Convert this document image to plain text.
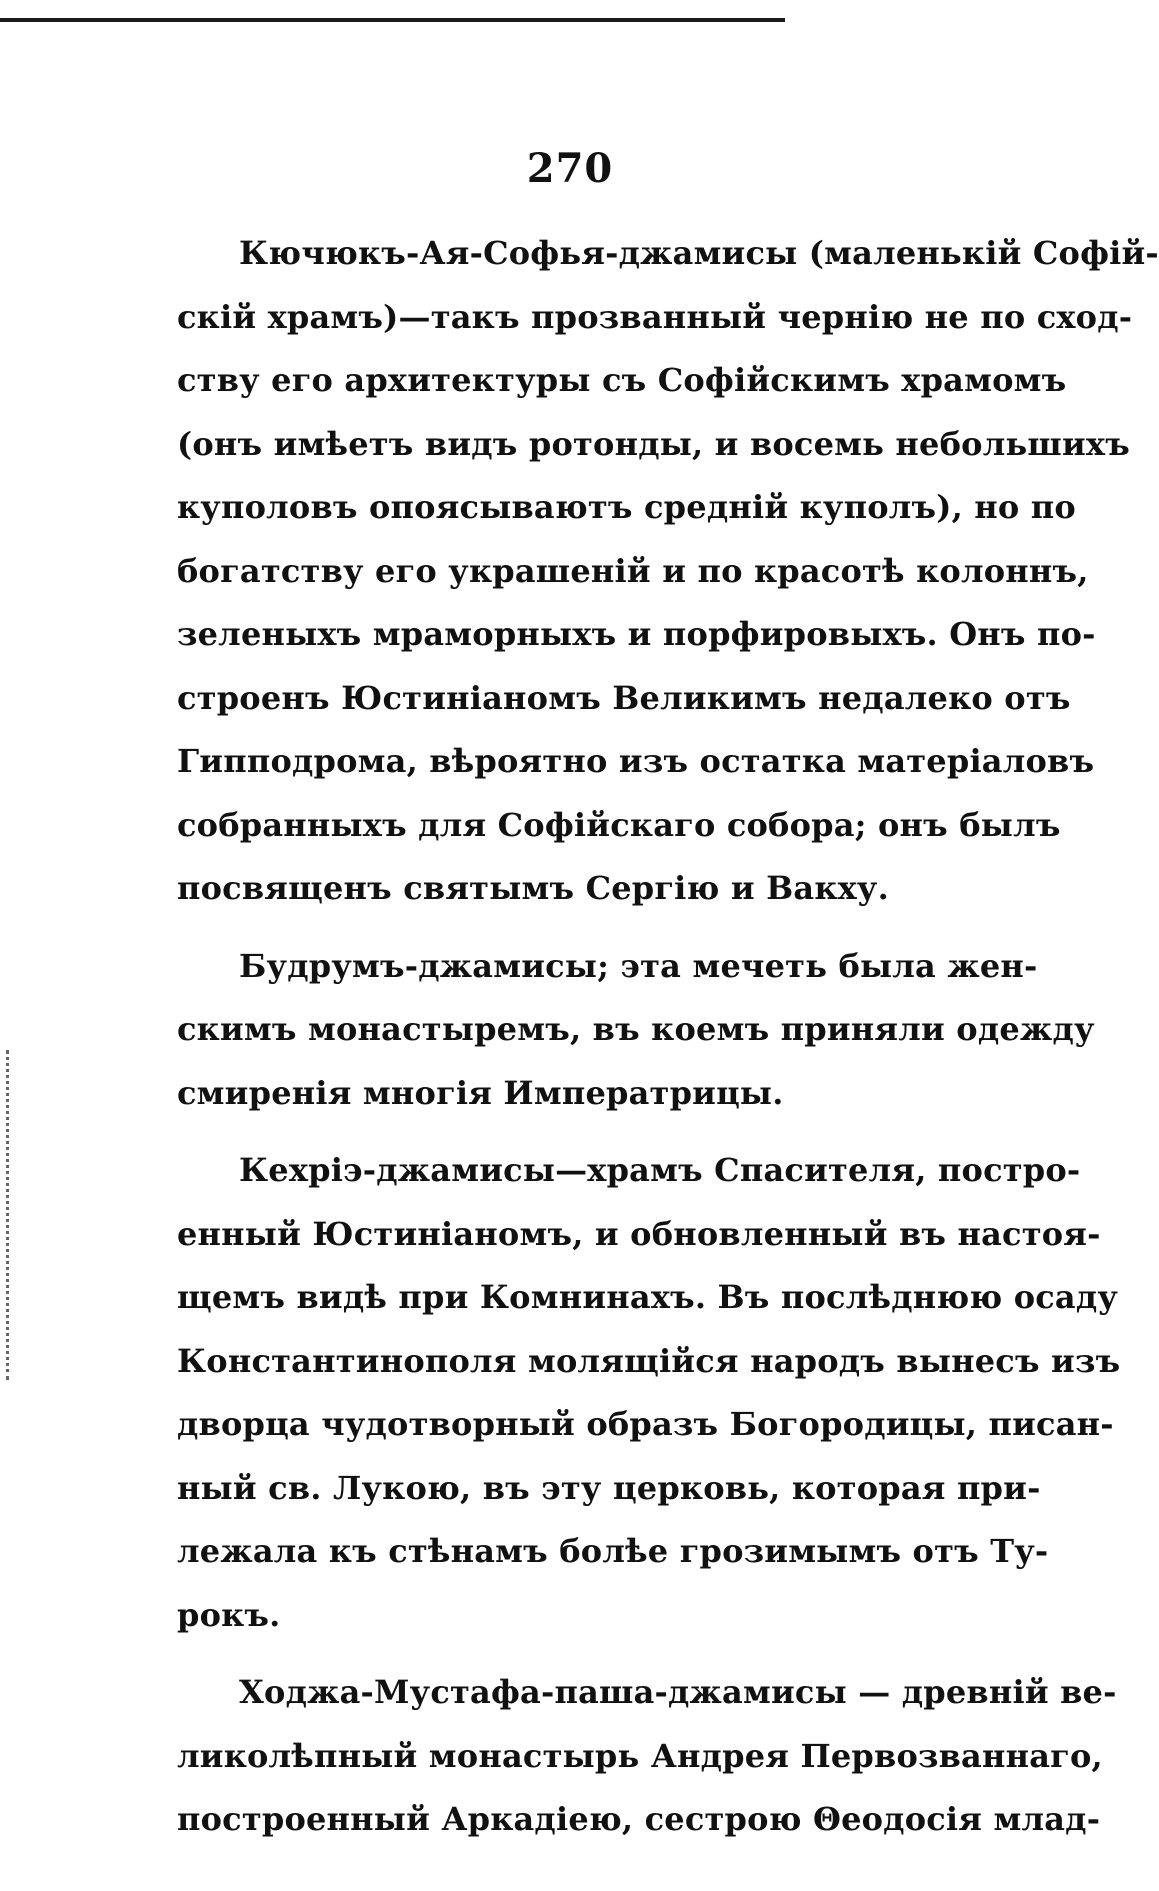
270
Кючюкъ-Ая-Софья-джамисы (маленькій Софій-
скій храмъ)—такъ прозванный чернію не по сход-
ству его архитектуры съ Софійскимъ храмомъ
(онъ имѣетъ видъ ротонды, и восемь небольшихъ
куполовъ опоясываютъ средній куполъ), но по
богатству его украшеній и по красотѣ колоннъ,
зеленыхъ мраморныхъ и порфировыхъ. Онъ по-
строенъ Юстиніаномъ Великимъ недалеко отъ
Гипподрома, вѣроятно изъ остатка матеріаловъ
собранныхъ для Софійскаго собора; онъ былъ
посвященъ святымъ Сергію и Вакху.
Будрумъ-джамисы; эта мечеть была жен-
скимъ монастыремъ, въ коемъ приняли одежду
смиренія многія Императрицы.
Кехріэ-джамисы—храмъ Спасителя, постро-
енный Юстиніаномъ, и обновленный въ настоя-
щемъ видѣ при Комнинахъ. Въ послѣднюю осаду
Константинополя молящійся народъ вынесъ изъ
дворца чудотворный образъ Богородицы, писан-
ный св. Лукою, въ эту церковь, которая при-
лежала къ стѣнамъ болѣе грозимымъ отъ Ту-
рокъ.
Ходжа-Мустафа-паша-джамисы — древній ве-
ликолѣпный монастырь Андрея Первозваннаго,
построенный Аркадіею, сестрою Θеодосія млад-
